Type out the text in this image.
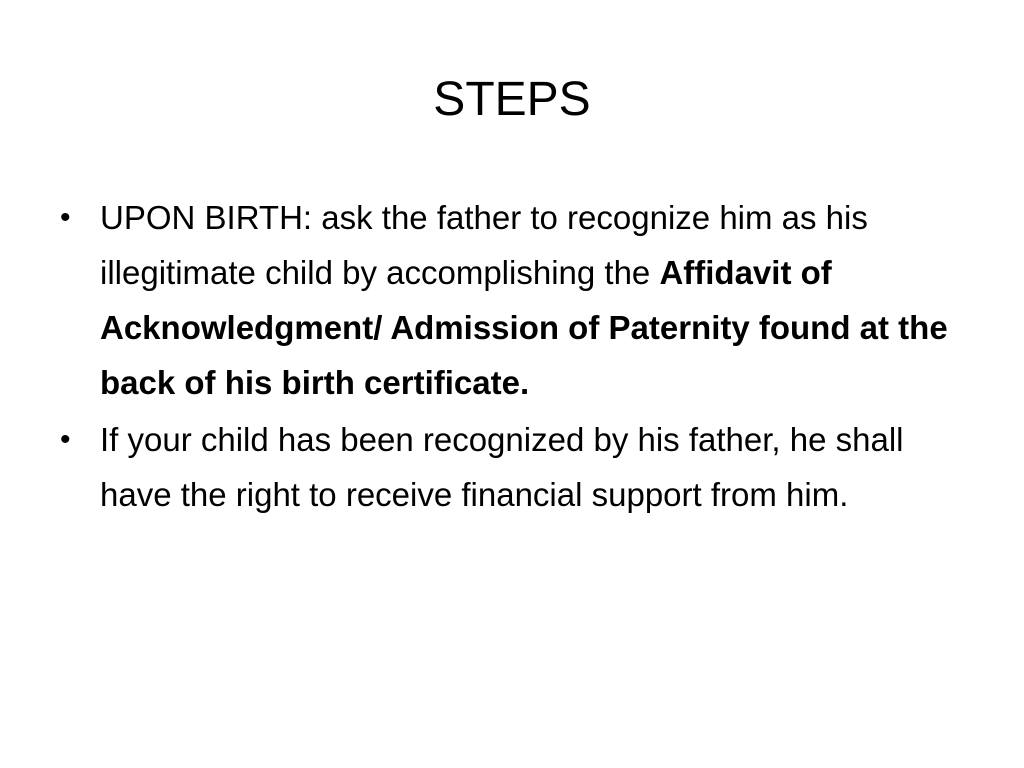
STEPS
• UPON BIRTH: ask the father to recognize him as his illegitimate child by accomplishing the Affidavit of Acknowledgment/ Admission of Paternity found at the back of his birth certificate.
• If your child has been recognized by his father, he shall have the right to receive financial support from him.
